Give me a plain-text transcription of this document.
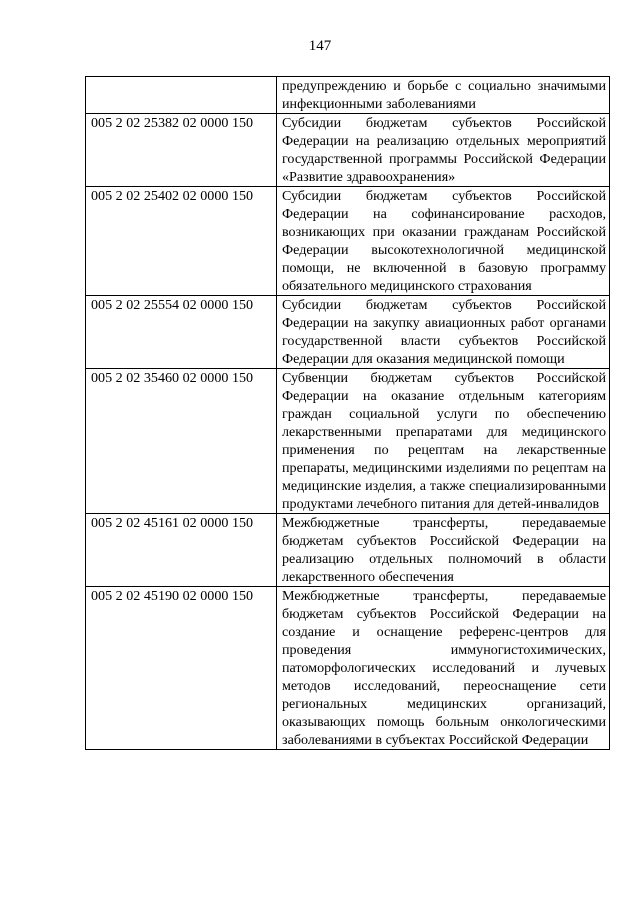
147
	предупреждению и борьбе с социально значимыми инфекционными заболеваниями
005 2 02 25382 02 0000 150	Субсидии бюджетам субъектов Российской Федерации на реализацию отдельных мероприятий государственной программы Российской Федерации «Развитие здравоохранения»
005 2 02 25402 02 0000 150	Субсидии бюджетам субъектов Российской Федерации на софинансирование расходов, возникающих при оказании гражданам Российской Федерации высокотехнологичной медицинской помощи, не включенной в базовую программу обязательного медицинского страхования
005 2 02 25554 02 0000 150	Субсидии бюджетам субъектов Российской Федерации на закупку авиационных работ органами государственной власти субъектов Российской Федерации для оказания медицинской помощи
005 2 02 35460 02 0000 150	Субвенции бюджетам субъектов Российской Федерации на оказание отдельным категориям граждан социальной услуги по обеспечению лекарственными препаратами для медицинского применения по рецептам на лекарственные препараты, медицинскими изделиями по рецептам на медицинские изделия, а также специализированными продуктами лечебного питания для детей-инвалидов
005 2 02 45161 02 0000 150	Межбюджетные трансферты, передаваемые бюджетам субъектов Российской Федерации на реализацию отдельных полномочий в области лекарственного обеспечения
005 2 02 45190 02 0000 150	Межбюджетные трансферты, передаваемые бюджетам субъектов Российской Федерации на создание и оснащение референс-центров для проведения иммуногистохимических, патоморфологических исследований и лучевых методов исследований, переоснащение сети региональных медицинских организаций, оказывающих помощь больным онкологическими заболеваниями в субъектах Российской Федерации
